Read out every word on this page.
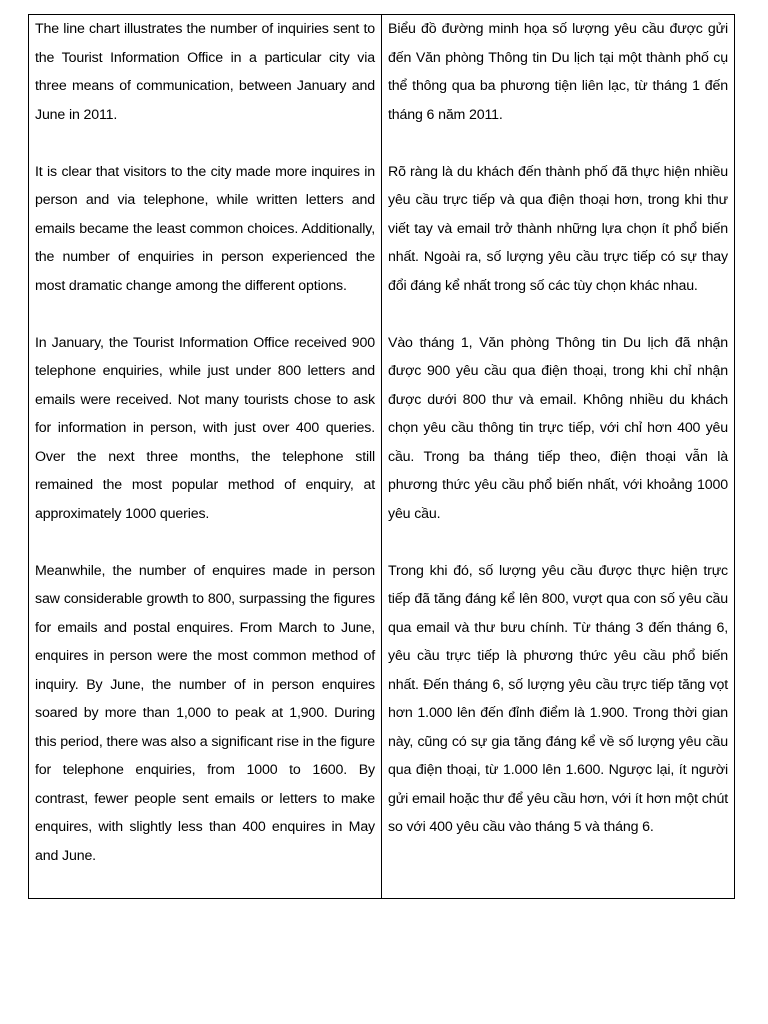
The line chart illustrates the number of inquiries sent to the Tourist Information Office in a particular city via three means of communication, between January and June in 2011.

It is clear that visitors to the city made more inquires in person and via telephone, while written letters and emails became the least common choices. Additionally, the number of enquiries in person experienced the most dramatic change among the different options.

In January, the Tourist Information Office received 900 telephone enquiries, while just under 800 letters and emails were received. Not many tourists chose to ask for information in person, with just over 400 queries. Over the next three months, the telephone still remained the most popular method of enquiry, at approximately 1000 queries.

Meanwhile, the number of enquires made in person saw considerable growth to 800, surpassing the figures for emails and postal enquires. From March to June, enquires in person were the most common method of inquiry. By June, the number of in person enquires soared by more than 1,000 to peak at 1,900. During this period, there was also a significant rise in the figure for telephone enquiries, from 1000 to 1600. By contrast, fewer people sent emails or letters to make enquires, with slightly less than 400 enquires in May and June.

Biểu đồ đường minh họa số lượng yêu cầu được gửi đến Văn phòng Thông tin Du lịch tại một thành phố cụ thể thông qua ba phương tiện liên lạc, từ tháng 1 đến tháng 6 năm 2011.

Rõ ràng là du khách đến thành phố đã thực hiện nhiều yêu cầu trực tiếp và qua điện thoại hơn, trong khi thư viết tay và email trở thành những lựa chọn ít phổ biến nhất. Ngoài ra, số lượng yêu cầu trực tiếp có sự thay đổi đáng kể nhất trong số các tùy chọn khác nhau.

Vào tháng 1, Văn phòng Thông tin Du lịch đã nhận được 900 yêu cầu qua điện thoại, trong khi chỉ nhận được dưới 800 thư và email. Không nhiều du khách chọn yêu cầu thông tin trực tiếp, với chỉ hơn 400 yêu cầu. Trong ba tháng tiếp theo, điện thoại vẫn là phương thức yêu cầu phổ biến nhất, với khoảng 1000 yêu cầu.

Trong khi đó, số lượng yêu cầu được thực hiện trực tiếp đã tăng đáng kể lên 800, vượt qua con số yêu cầu qua email và thư bưu chính. Từ tháng 3 đến tháng 6, yêu cầu trực tiếp là phương thức yêu cầu phổ biến nhất. Đến tháng 6, số lượng yêu cầu trực tiếp tăng vọt hơn 1.000 lên đến đỉnh điểm là 1.900. Trong thời gian này, cũng có sự gia tăng đáng kể về số lượng yêu cầu qua điện thoại, từ 1.000 lên 1.600. Ngược lại, ít người gửi email hoặc thư để yêu cầu hơn, với ít hơn một chút so với 400 yêu cầu vào tháng 5 và tháng 6.
